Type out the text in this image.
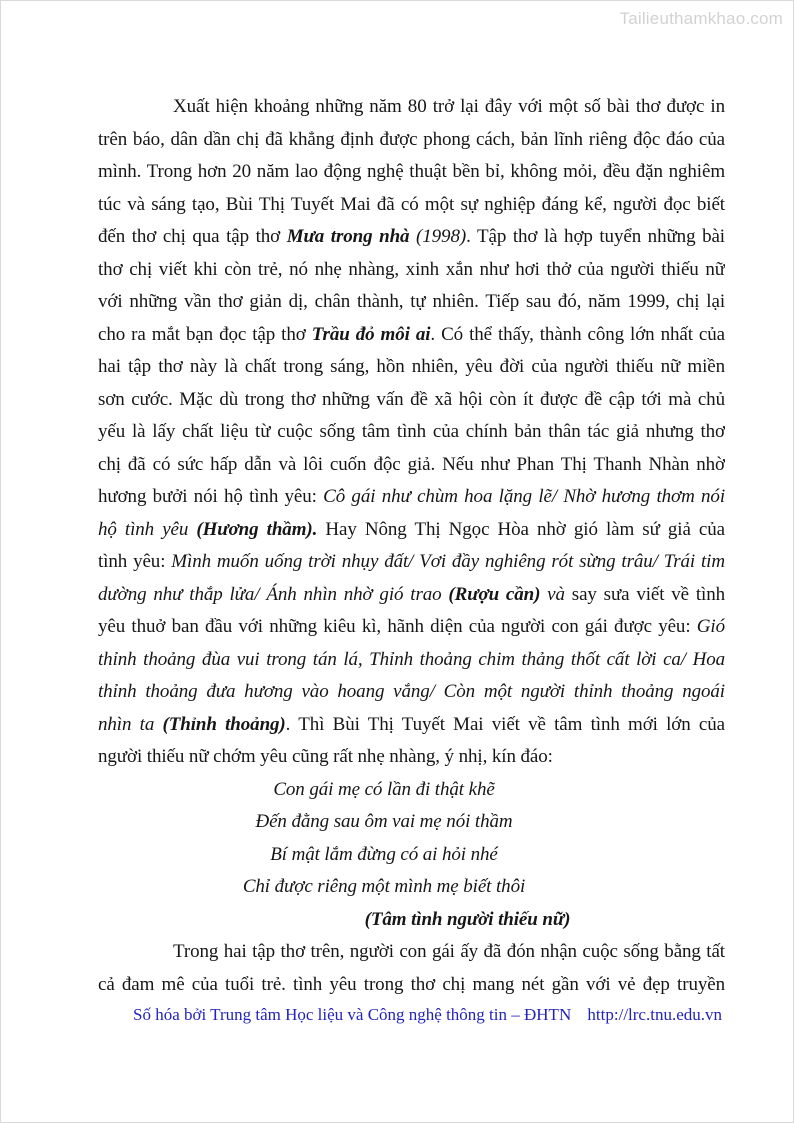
Tailieuthamkhao.com
Xuất hiện khoảng những năm 80 trở lại đây với một số bài thơ được in
trên báo, dân dần chị đã khẳng định được phong cách, bản lĩnh riêng độc đáo của
mình. Trong hơn 20 năm lao động nghệ thuật bền bỉ, không mỏi, đều đặn nghiêm
túc và sáng tạo, Bùi Thị Tuyết Mai đã có một sự nghiệp đáng kể, người đọc biết
đến thơ chị qua tập thơ Mưa trong nhà (1998). Tập thơ là hợp tuyển những bài
thơ chị viết khi còn trẻ, nó nhẹ nhàng, xinh xắn như hơi thở của người thiếu nữ
với những vần thơ giản dị, chân thành, tự nhiên. Tiếp sau đó, năm 1999, chị lại
cho ra mắt bạn đọc tập thơ Trầu đỏ môi ai. Có thể thấy, thành công lớn nhất của
hai tập thơ này là chất trong sáng, hồn nhiên, yêu đời của người thiếu nữ miền
sơn cước. Mặc dù trong thơ những vấn đề xã hội còn ít được đề cập tới mà chủ
yếu là lấy chất liệu từ cuộc sống tâm tình của chính bản thân tác giả nhưng thơ
chị đã có sức hấp dẫn và lôi cuốn độc giả. Nếu như Phan Thị Thanh Nhàn nhờ
hương bưởi nói hộ tình yêu: Cô gái như chùm hoa lặng lẽ/ Nhờ hương thơm nói
hộ tình yêu (Hương thầm). Hay Nông Thị Ngọc Hòa nhờ gió làm sứ giả của
tình yêu: Mình muốn uống trời nhụy đất/ Vơi đầy nghiêng rót sừng trâu/ Trái tim
dường như thắp lửa/ Ánh nhìn nhờ gió trao (Rượu cần) và say sưa viết về tình
yêu thuở ban đầu với những kiêu kì, hãnh diện của người con gái được yêu: Gió
thỉnh thoảng đùa vui trong tán lá, Thỉnh thoảng chim thảng thốt cất lời ca/ Hoa
thỉnh thoảng đưa hương vào hoang vắng/ Còn một người thỉnh thoảng ngoái
nhìn ta (Thỉnh thoảng). Thì Bùi Thị Tuyết Mai viết về tâm tình mới lớn của
người thiếu nữ chớm yêu cũng rất nhẹ nhàng, ý nhị, kín đáo:
Con gái mẹ có lần đi thật khẽ
Đến đằng sau ôm vai mẹ nói thầm
Bí mật lắm đừng có ai hỏi nhé
Chỉ được riêng một mình mẹ biết thôi
(Tâm tình người thiếu nữ)
Trong hai tập thơ trên, người con gái ấy đã đón nhận cuộc sống bằng tất
cả đam mê của tuổi trẻ. tình yêu trong thơ chị mang nét gần với vẻ đẹp truyền
Số hóa bởi Trung tâm Học liệu và Công nghệ thông tin – ĐHTN http://lrc.tnu.edu.vn
